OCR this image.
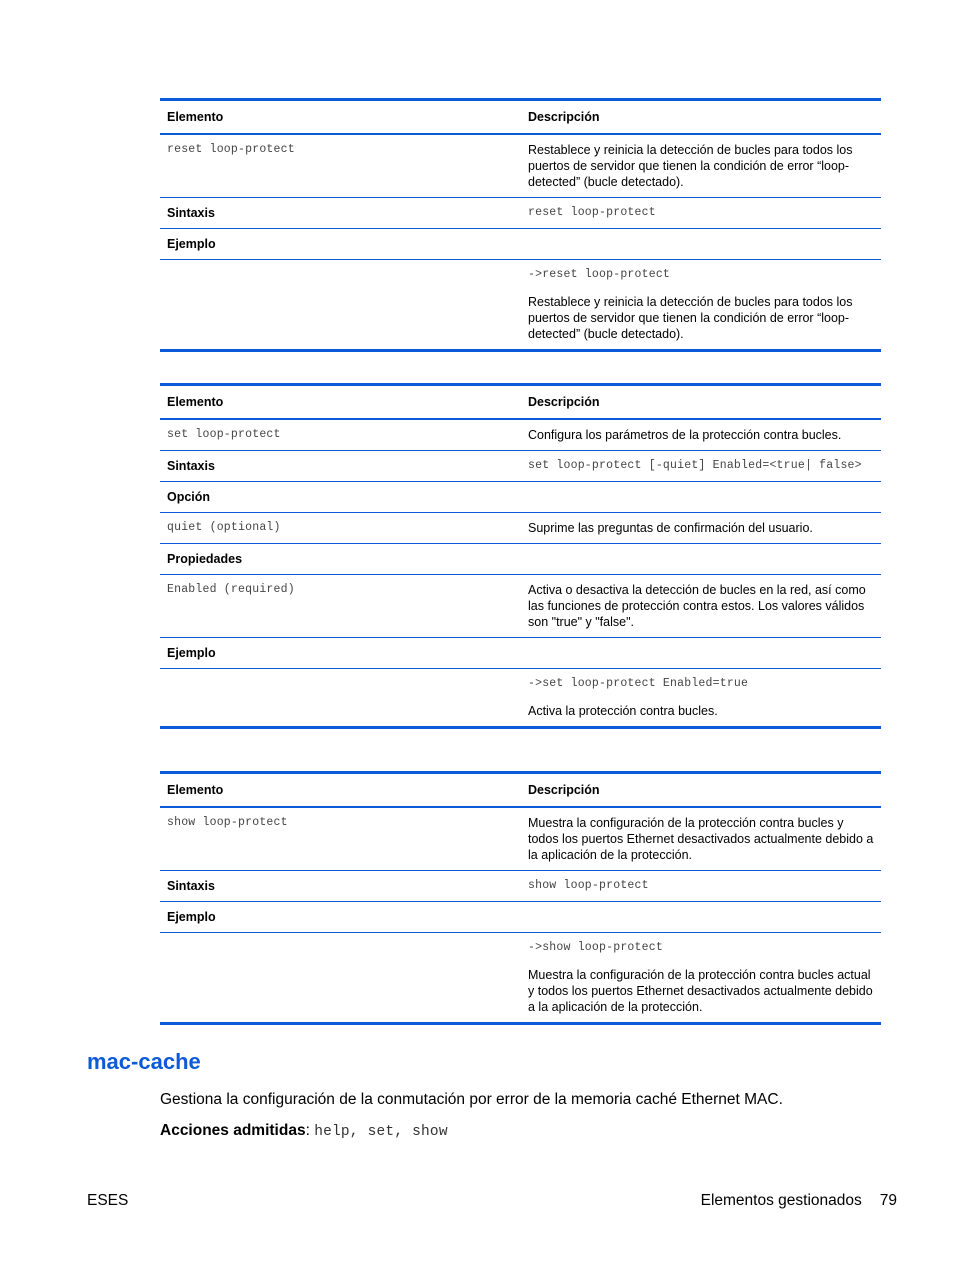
Elemento	Descripción
reset loop-protect	Restablece y reinicia la detección de bucles para todos los puertos de servidor que tienen la condición de error “loop-detected” (bucle detectado).
Sintaxis	reset loop-protect
Ejemplo	

	->reset loop-protect
Restablece y reinicia la detección de bucles para todos los puertos de servidor que tienen la condición de error “loop-detected” (bucle detectado).
Elemento	Descripción
set loop-protect	Configura los parámetros de la protección contra bucles.
Sintaxis	set loop-protect [-quiet] Enabled=<true| false>
Opción	
quiet (optional)	Suprime las preguntas de confirmación del usuario.
Propiedades	
Enabled (required)	Activa o desactiva la detección de bucles en la red, así como las funciones de protección contra estos. Los valores válidos son "true" y "false".
Ejemplo	

	->set loop-protect Enabled=true
Activa la protección contra bucles.
Elemento	Descripción
show loop-protect	Muestra la configuración de la protección contra bucles y todos los puertos Ethernet desactivados actualmente debido a la aplicación de la protección.
Sintaxis	show loop-protect
Ejemplo	

	->show loop-protect
Muestra la configuración de la protección contra bucles actual y todos los puertos Ethernet desactivados actualmente debido a la aplicación de la protección.
mac-cache

Gestiona la configuración de la conmutación por error de la memoria caché Ethernet MAC.

Acciones admitidas: help, set, show

ESES	Elementos gestionados 79
